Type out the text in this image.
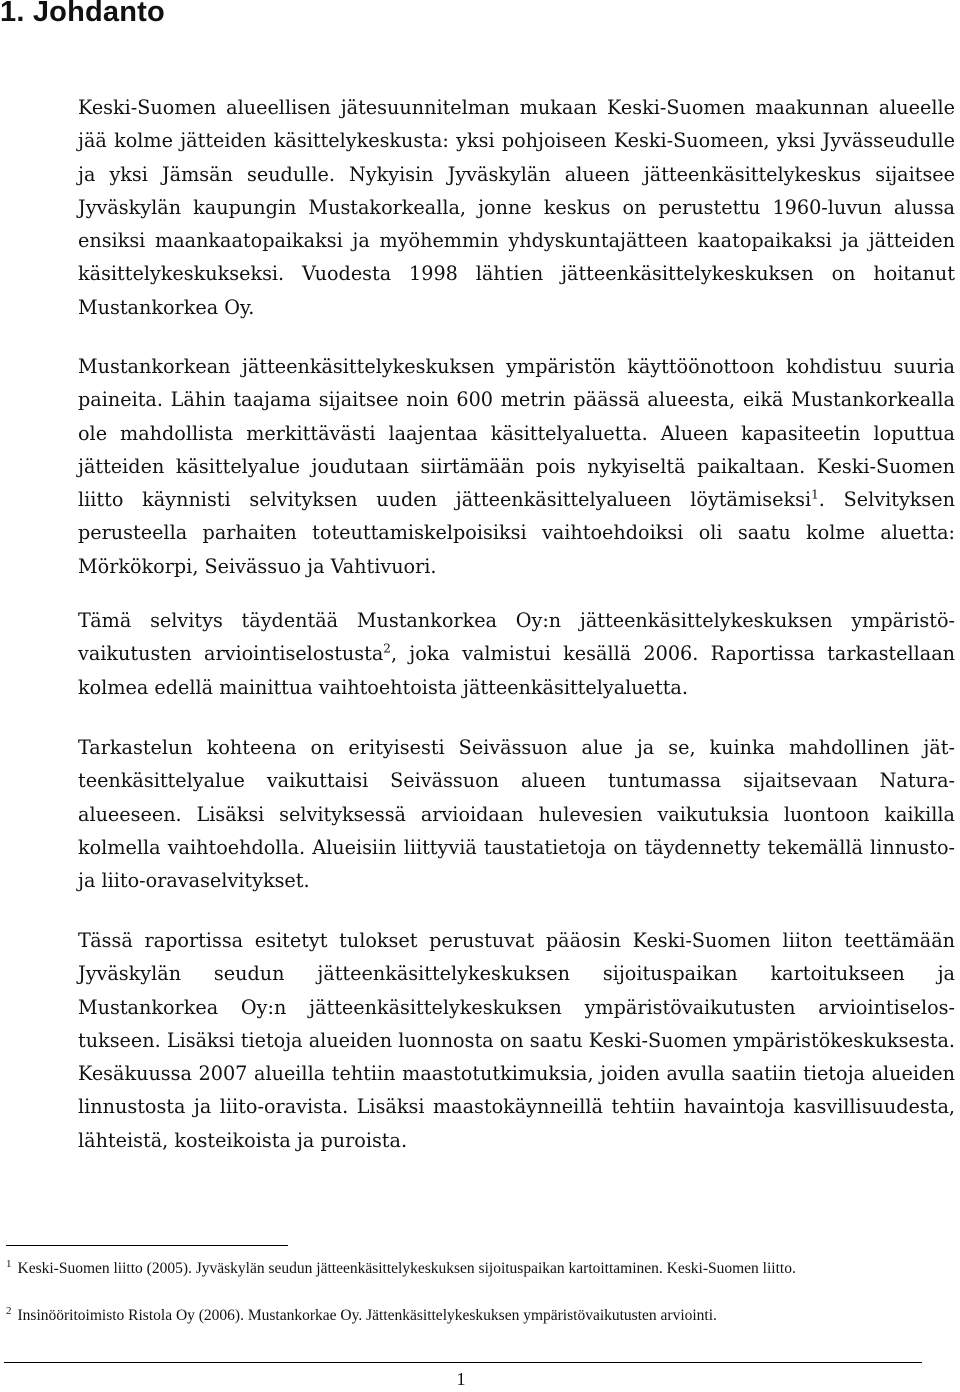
1. Johdanto

Keski-Suomen alueellisen jätesuunnitelman mukaan Keski-Suomen maakunnan alueelle jää kolme jätteiden käsittelykeskusta: yksi pohjoiseen Keski-Suomeen, yksi Jyvässeudulle ja yksi Jämsän seudulle. Nykyisin Jyväskylän alueen jätteenkäsittelykeskus sijaitsee Jyväskylän kaupungin Mustakorkealla, jonne keskus on perustettu 1960-luvun alussa ensiksi maankaatopaikaksi ja myöhemmin yhdyskuntajätteen kaatopaikaksi ja jätteiden käsittelykeskukseksi. Vuodesta 1998 lähtien jätteenkäsittelykeskuksen on hoitanut Mustankorkea Oy.

Mustankorkean jätteenkäsittelykeskuksen ympäristön käyttöönottoon kohdistuu suuria paineita. Lähin taajama sijaitsee noin 600 metrin päässä alueesta, eikä Mustankorkealla ole mahdollista merkittävästi laajentaa käsittelyaluetta. Alueen kapasiteetin loputtua jätteiden käsittelyalue joudutaan siirtämään pois nykyiseltä paikaltaan. Keski-Suomen liitto käynnisti selvityksen uuden jätteenkäsittelyalueen löytämiseksi$^1$. Selvityksen perusteella parhaiten toteuttamiskelpoisiksi vaihtoehdoiksi oli saatu kolme aluetta: Mörkökorpi, Seivässuo ja Vahtivuori.

Tämä selvitys täydentää Mustankorkea Oy:n jätteenkäsittelykeskuksen ympäristövaikutusten arviointiselostusta$^2$, joka valmistui kesällä 2006. Raportissa tarkastellaan kolmea edellä mainittua vaihtoehtoista jätteenkäsittelyaluetta.

Tarkastelun kohteena on erityisesti Seivässuon alue ja se, kuinka mahdollinen jätteenkäsittelyalue vaikuttaisi Seivässuon alueen tuntumassa sijaitsevaan Natura-alueeseen. Lisäksi selvityksessä arvioidaan hulevesien vaikutuksia luontoon kaikilla kolmella vaihtoehdolla. Alueisiin liittyviä taustatietoja on täydennetty tekemällä linnusto- ja liito-oravaselvitykset.

Tässä raportissa esitetyt tulokset perustuvat pääosin Keski-Suomen liiton teettämään Jyväskylän seudun jätteenkäsittelykeskuksen sijoituspaikan kartoitukseen ja Mustankorkea Oy:n jätteenkäsittelykeskuksen ympäristövaikutusten arviointiselostukseen. Lisäksi tietoja alueiden luonnosta on saatu Keski-Suomen ympäristökeskuksesta. Kesäkuussa 2007 alueilla tehtiin maastotutkimuksia, joiden avulla saatiin tietoja alueiden linnustosta ja liito-oravista. Lisäksi maastokäynneillä tehtiin havaintoja kasvillisuudesta, lähteistä, kosteikoista ja puroista.

$^1$ Keski-Suomen liitto (2005). Jyväskylän seudun jätteenkäsittelykeskuksen sijoituspaikan kartoittaminen. Keski-Suomen liitto.

$^2$ Insinööritoimisto Ristola Oy (2006). Mustankorkae Oy. Jättenkäsittelykeskuksen ympäristövaikutusten arviointi.

1
